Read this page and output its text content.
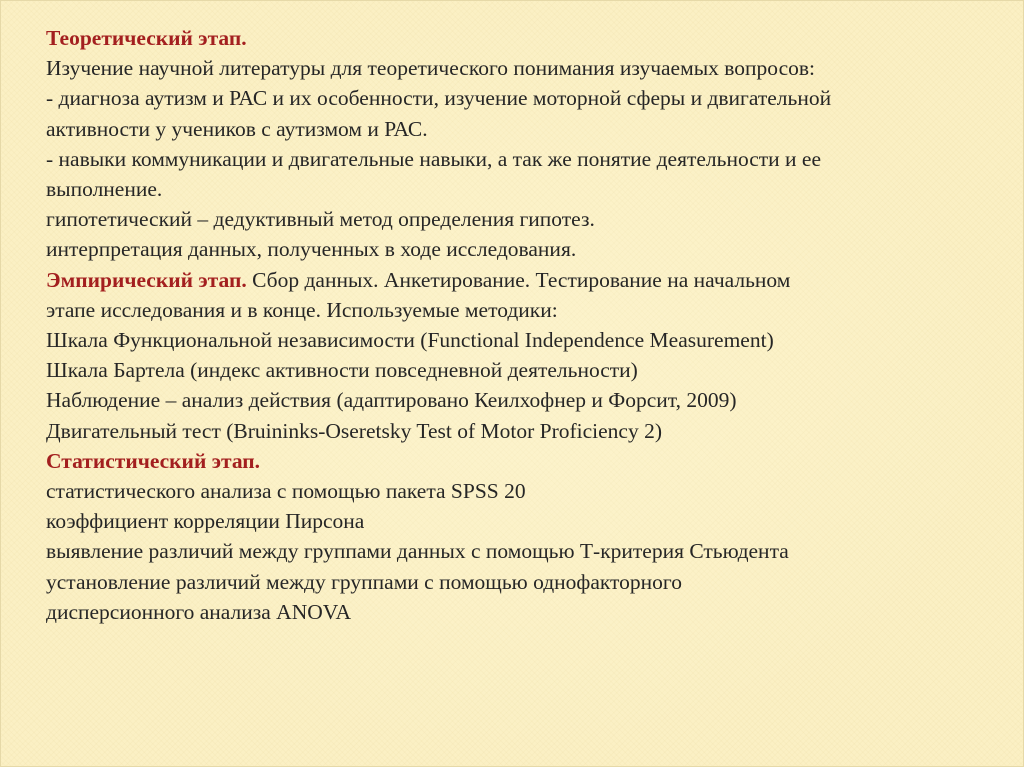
Теоретический этап.
Изучение научной литературы для теоретического понимания изучаемых вопросов:
- диагноза аутизм и РАС и их особенности, изучение моторной сферы и двигательной
активности у учеников с аутизмом и РАС.
- навыки коммуникации и двигательные навыки, а так же понятие деятельности и ее
выполнение.
гипотетический – дедуктивный метод определения гипотез.
интерпретация данных, полученных в ходе исследования.
Эмпирический этап. Сбор данных. Анкетирование. Тестирование на начальном
этапе исследования и в конце. Используемые методики:
Шкала Функциональной независимости (Functional Independence Measurement)
Шкала Бартела (индекс активности повседневной деятельности)
Наблюдение – анализ действия (адаптировано Кеилхофнер и Форсит, 2009)
Двигательный тест (Bruininks-Oseretsky Test of Motor Proficiency 2)
Статистический этап.
статистического анализа с помощью пакета SPSS 20
коэффициент корреляции Пирсона
выявление различий между группами данных с помощью Т-критерия Стьюдента
установление различий между группами с помощью однофакторного
дисперсионного анализа ANOVA
